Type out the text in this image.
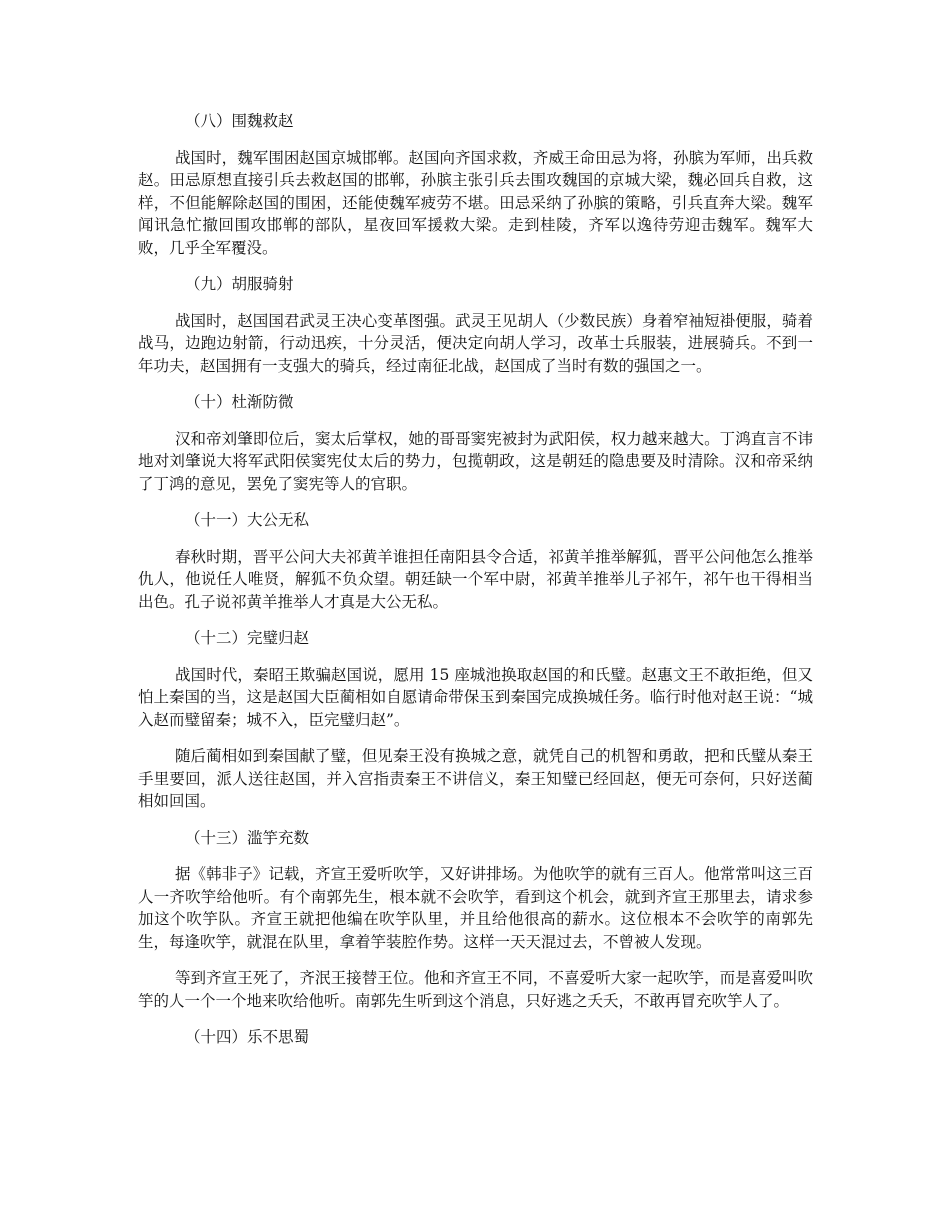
（八）围魏救赵

战国时，魏军围困赵国京城邯郸。赵国向齐国求救，齐威王命田忌为将，孙膑为军师，出兵救赵。田忌原想直接引兵去救赵国的邯郸，孙膑主张引兵去围攻魏国的京城大梁，魏必回兵自救，这样，不但能解除赵国的围困，还能使魏军疲劳不堪。田忌采纳了孙膑的策略，引兵直奔大梁。魏军闻讯急忙撤回围攻邯郸的部队，星夜回军援救大梁。走到桂陵，齐军以逸待劳迎击魏军。魏军大败，几乎全军覆没。

（九）胡服骑射

战国时，赵国国君武灵王决心变革图强。武灵王见胡人（少数民族）身着窄袖短褂便服，骑着战马，边跑边射箭，行动迅疾，十分灵活，便决定向胡人学习，改革士兵服装，进展骑兵。不到一年功夫，赵国拥有一支强大的骑兵，经过南征北战，赵国成了当时有数的强国之一。

（十）杜渐防微

汉和帝刘肇即位后，窦太后掌权，她的哥哥窦宪被封为武阳侯，权力越来越大。丁鸿直言不讳地对刘肇说大将军武阳侯窦宪仗太后的势力，包揽朝政，这是朝廷的隐患要及时清除。汉和帝采纳了丁鸿的意见，罢免了窦宪等人的官职。

（十一）大公无私

春秋时期，晋平公问大夫祁黄羊谁担任南阳县令合适，祁黄羊推举解狐，晋平公问他怎么推举仇人，他说任人唯贤，解狐不负众望。朝廷缺一个军中尉，祁黄羊推举儿子祁午，祁午也干得相当出色。孔子说祁黄羊推举人才真是大公无私。

（十二）完璧归赵

战国时代，秦昭王欺骗赵国说，愿用 15 座城池换取赵国的和氏璧。赵惠文王不敢拒绝，但又怕上秦国的当，这是赵国大臣蔺相如自愿请命带保玉到秦国完成换城任务。临行时他对赵王说：“城入赵而璧留秦；城不入，臣完璧归赵”。

随后蔺相如到秦国献了璧，但见秦王没有换城之意，就凭自己的机智和勇敢，把和氏璧从秦王手里要回，派人送往赵国，并入宫指责秦王不讲信义，秦王知璧已经回赵，便无可奈何，只好送蔺相如回国。

（十三）滥竽充数

据《韩非子》记载，齐宣王爱听吹竽，又好讲排场。为他吹竽的就有三百人。他常常叫这三百人一齐吹竽给他听。有个南郭先生，根本就不会吹竽，看到这个机会，就到齐宣王那里去，请求参加这个吹竽队。齐宣王就把他编在吹竽队里，并且给他很高的薪水。这位根本不会吹竽的南郭先生，每逢吹竽，就混在队里，拿着竽装腔作势。这样一天天混过去，不曾被人发现。

等到齐宣王死了，齐泯王接替王位。他和齐宣王不同，不喜爱听大家一起吹竽，而是喜爱叫吹竽的人一个一个地来吹给他听。南郭先生听到这个消息，只好逃之夭夭，不敢再冒充吹竽人了。

（十四）乐不思蜀
